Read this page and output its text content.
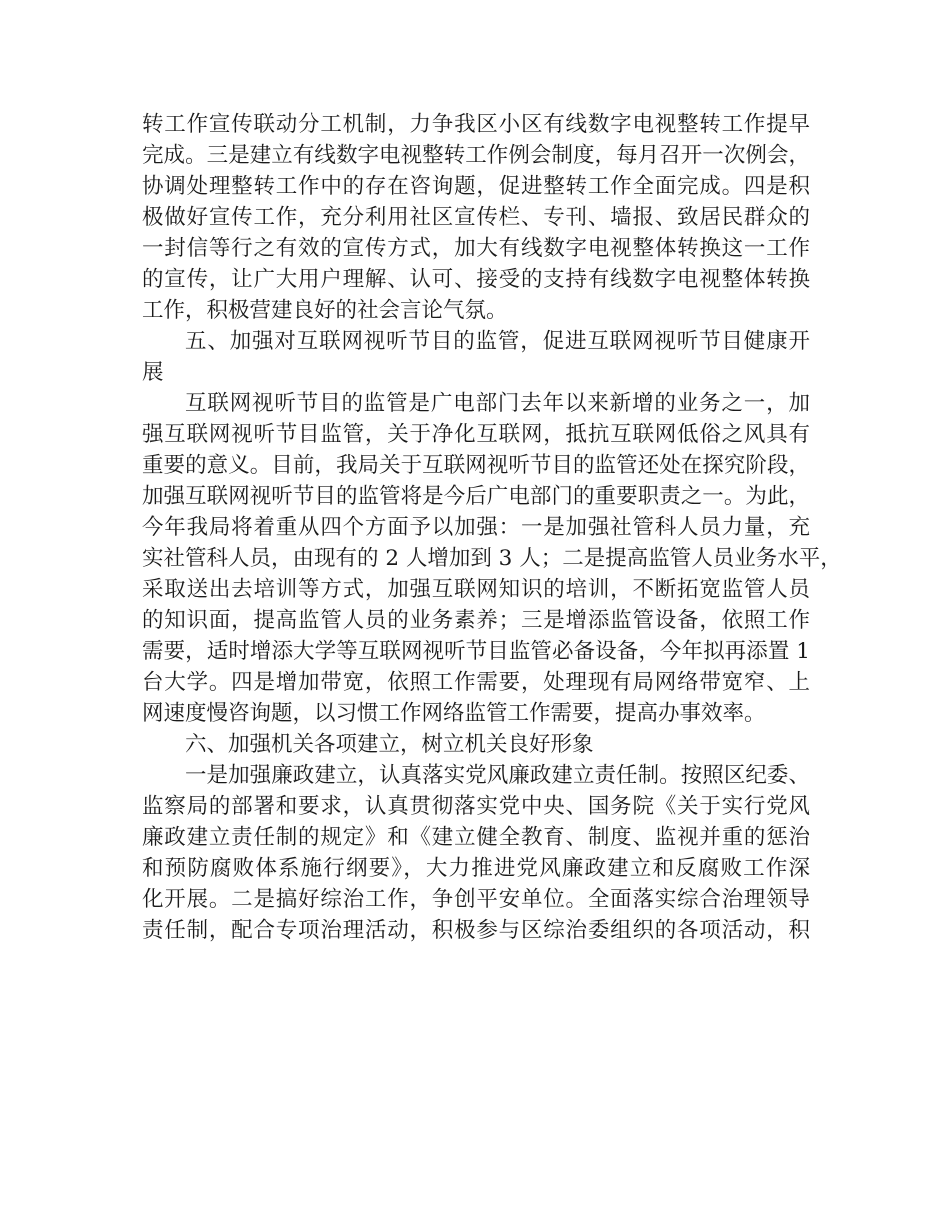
转工作宣传联动分工机制，力争我区小区有线数字电视整转工作提早
完成。三是建立有线数字电视整转工作例会制度，每月召开一次例会，
协调处理整转工作中的存在咨询题，促进整转工作全面完成。四是积
极做好宣传工作，充分利用社区宣传栏、专刊、墙报、致居民群众的
一封信等行之有效的宣传方式，加大有线数字电视整体转换这一工作
的宣传，让广大用户理解、认可、接受的支持有线数字电视整体转换
工作，积极营建良好的社会言论气氛。
五、加强对互联网视听节目的监管，促进互联网视听节目健康开
展
互联网视听节目的监管是广电部门去年以来新增的业务之一，加
强互联网视听节目监管，关于净化互联网，抵抗互联网低俗之风具有
重要的意义。目前，我局关于互联网视听节目的监管还处在探究阶段，
加强互联网视听节目的监管将是今后广电部门的重要职责之一。为此，
今年我局将着重从四个方面予以加强：一是加强社管科人员力量，充
实社管科人员，由现有的 2 人增加到 3 人；二是提高监管人员业务水平，
采取送出去培训等方式，加强互联网知识的培训，不断拓宽监管人员
的知识面，提高监管人员的业务素养；三是增添监管设备，依照工作
需要，适时增添大学等互联网视听节目监管必备设备，今年拟再添置 1
台大学。四是增加带宽，依照工作需要，处理现有局网络带宽窄、上
网速度慢咨询题，以习惯工作网络监管工作需要，提高办事效率。
六、加强机关各项建立，树立机关良好形象
一是加强廉政建立，认真落实党风廉政建立责任制。按照区纪委、
监察局的部署和要求，认真贯彻落实党中央、国务院《关于实行党风
廉政建立责任制的规定》和《建立健全教育、制度、监视并重的惩治
和预防腐败体系施行纲要》，大力推进党风廉政建立和反腐败工作深
化开展。二是搞好综治工作，争创平安单位。全面落实综合治理领导
责任制，配合专项治理活动，积极参与区综治委组织的各项活动，积
